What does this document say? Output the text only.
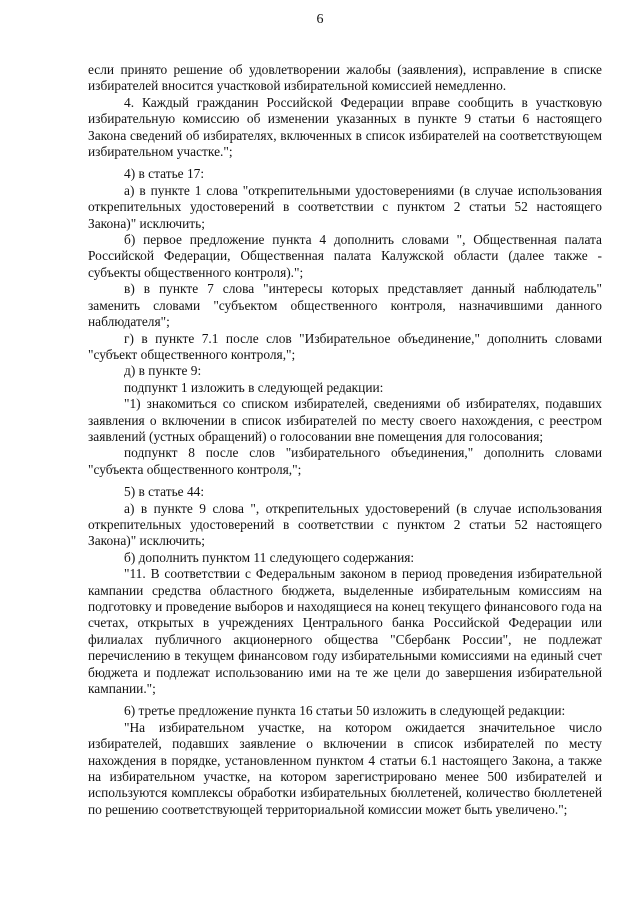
6

если принято решение об удовлетворении жалобы (заявления), исправление в списке избирателей вносится участковой избирательной комиссией немедленно.

4. Каждый гражданин Российской Федерации вправе сообщить в участковую избирательную комиссию об изменении указанных в пункте 9 статьи 6 настоящего Закона сведений об избирателях, включенных в список избирателей на соответствующем избирательном участке.";

4) в статье 17:

а) в пункте 1 слова "открепительными удостоверениями (в случае использования открепительных удостоверений в соответствии с пунктом 2 статьи 52 настоящего Закона)" исключить;

б) первое предложение пункта 4 дополнить словами ", Общественная палата Российской Федерации, Общественная палата Калужской области (далее также - субъекты общественного контроля).";

в) в пункте 7 слова "интересы которых представляет данный наблюдатель" заменить словами "субъектом общественного контроля, назначившими данного наблюдателя";

г) в пункте 7.1 после слов "Избирательное объединение," дополнить словами "субъект общественного контроля,";

д) в пункте 9:

подпункт 1 изложить в следующей редакции:

"1) знакомиться со списком избирателей, сведениями об избирателях, подавших заявления о включении в список избирателей по месту своего нахождения, с реестром заявлений (устных обращений) о голосовании вне помещения для голосования;

подпункт 8 после слов "избирательного объединения," дополнить словами "субъекта общественного контроля,";

5) в статье 44:

а) в пункте 9 слова ", открепительных удостоверений (в случае использования открепительных удостоверений в соответствии с пунктом 2 статьи 52 настоящего Закона)" исключить;

б) дополнить пунктом 11 следующего содержания:

"11. В соответствии с Федеральным законом в период проведения избирательной кампании средства областного бюджета, выделенные избирательным комиссиям на подготовку и проведение выборов и находящиеся на конец текущего финансового года на счетах, открытых в учреждениях Центрального банка Российской Федерации или филиалах публичного акционерного общества "Сбербанк России", не подлежат перечислению в текущем финансовом году избирательными комиссиями на единый счет бюджета и подлежат использованию ими на те же цели до завершения избирательной кампании.";

6) третье предложение пункта 16 статьи 50 изложить в следующей редакции:

"На избирательном участке, на котором ожидается значительное число избирателей, подавших заявление о включении в список избирателей по месту нахождения в порядке, установленном пунктом 4 статьи 6.1 настоящего Закона, а также на избирательном участке, на котором зарегистрировано менее 500 избирателей и используются комплексы обработки избирательных бюллетеней, количество бюллетеней по решению соответствующей территориальной комиссии может быть увеличено.";
